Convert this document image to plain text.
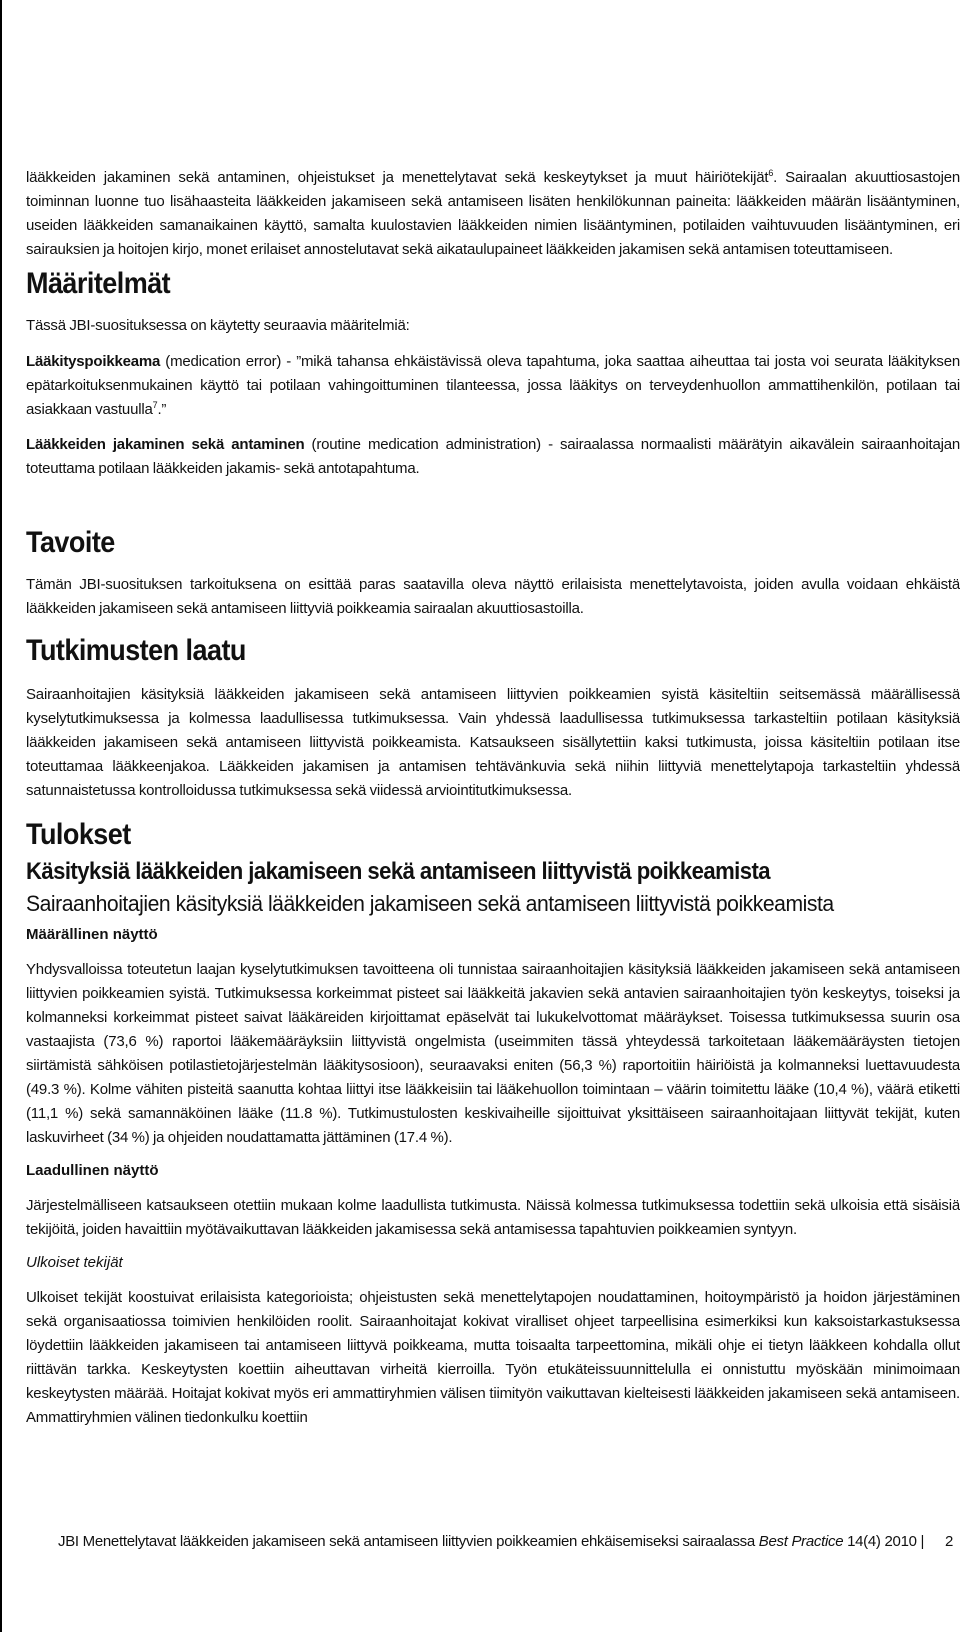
lääkkeiden jakaminen sekä antaminen, ohjeistukset ja menettelytavat sekä keskeytykset ja muut häiriötekijät$^6$. Sairaalan akuuttiosastojen toiminnan luonne tuo lisähaasteita lääkkeiden jakamiseen sekä antamiseen lisäten henkilökunnan paineita: lääkkeiden määrän lisääntyminen, useiden lääkkeiden samanaikainen käyttö, samalta kuulostavien lääkkeiden nimien lisääntyminen, potilaiden vaihtuvuuden lisääntyminen, eri sairauksien ja hoitojen kirjo, monet erilaiset annostelutavat sekä aikataulupaineet lääkkeiden jakamisen sekä antamisen toteuttamiseen.

Määritelmät

Tässä JBI-suosituksessa on käytetty seuraavia määritelmiä:

Lääkityspoikkeama (medication error) - ”mikä tahansa ehkäistävissä oleva tapahtuma, joka saattaa aiheuttaa tai josta voi seurata lääkityksen epätarkoituksenmukainen käyttö tai potilaan vahingoittuminen tilanteessa, jossa lääkitys on terveydenhuollon ammattihenkilön, potilaan tai asiakkaan vastuulla$^7$.”

Lääkkeiden jakaminen sekä antaminen (routine medication administration) - sairaalassa normaalisti määrätyin aikavälein sairaanhoitajan toteuttama potilaan lääkkeiden jakamis- sekä antotapahtuma.

Tavoite

Tämän JBI-suosituksen tarkoituksena on esittää paras saatavilla oleva näyttö erilaisista menettelytavoista, joiden avulla voidaan ehkäistä lääkkeiden jakamiseen sekä antamiseen liittyviä poikkeamia sairaalan akuuttiosastoilla.

Tutkimusten laatu

Sairaanhoitajien käsityksiä lääkkeiden jakamiseen sekä antamiseen liittyvien poikkeamien syistä käsiteltiin seitsemässä määrällisessä kyselytutkimuksessa ja kolmessa laadullisessa tutkimuksessa. Vain yhdessä laadullisessa tutkimuksessa tarkasteltiin potilaan käsityksiä lääkkeiden jakamiseen sekä antamiseen liittyvistä poikkeamista. Katsaukseen sisällytettiin kaksi tutkimusta, joissa käsiteltiin potilaan itse toteuttamaa lääkkeenjakoa. Lääkkeiden jakamisen ja antamisen tehtävänkuvia sekä niihin liittyviä menettelytapoja tarkasteltiin yhdessä satunnaistetussa kontrolloidussa tutkimuksessa sekä viidessä arviointitutkimuksessa.

Tulokset
Käsityksiä lääkkeiden jakamiseen sekä antamiseen liittyvistä poikkeamista
Sairaanhoitajien käsityksiä lääkkeiden jakamiseen sekä antamiseen liittyvistä poikkeamista
Määrällinen näyttö

Yhdysvalloissa toteutetun laajan kyselytutkimuksen tavoitteena oli tunnistaa sairaanhoitajien käsityksiä lääkkeiden jakamiseen sekä antamiseen liittyvien poikkeamien syistä. Tutkimuksessa korkeimmat pisteet sai lääkkeitä jakavien sekä antavien sairaanhoitajien työn keskeytys, toiseksi ja kolmanneksi korkeimmat pisteet saivat lääkäreiden kirjoittamat epäselvät tai lukukelvottomat määräykset. Toisessa tutkimuksessa suurin osa vastaajista (73,6 %) raportoi lääkemääräyksiin liittyvistä ongelmista (useimmiten tässä yhteydessä tarkoitetaan lääkemääräysten tietojen siirtämistä sähköisen potilastietojärjestelmän lääkitysosioon), seuraavaksi eniten (56,3 %) raportoitiin häiriöistä ja kolmanneksi luettavuudesta (49.3 %). Kolme vähiten pisteitä saanutta kohtaa liittyi itse lääkkeisiin tai lääkehuollon toimintaan – väärin toimitettu lääke (10,4 %), väärä etiketti (11,1 %) sekä samannäköinen lääke (11.8 %). Tutkimustulosten keskivaiheille sijoittuivat yksittäiseen sairaanhoitajaan liittyvät tekijät, kuten laskuvirheet (34 %) ja ohjeiden noudattamatta jättäminen (17.4 %).

Laadullinen näyttö

Järjestelmälliseen katsaukseen otettiin mukaan kolme laadullista tutkimusta. Näissä kolmessa tutkimuksessa todettiin sekä ulkoisia että sisäisiä tekijöitä, joiden havaittiin myötävaikuttavan lääkkeiden jakamisessa sekä antamisessa tapahtuvien poikkeamien syntyyn.

Ulkoiset tekijät

Ulkoiset tekijät koostuivat erilaisista kategorioista; ohjeistusten sekä menettelytapojen noudattaminen, hoitoympäristö ja hoidon järjestäminen sekä organisaatiossa toimivien henkilöiden roolit. Sairaanhoitajat kokivat viralliset ohjeet tarpeellisina esimerkiksi kun kaksoistarkastuksessa löydettiin lääkkeiden jakamiseen tai antamiseen liittyvä poikkeama, mutta toisaalta tarpeettomina, mikäli ohje ei tietyn lääkkeen kohdalla ollut riittävän tarkka. Keskeytysten koettiin aiheuttavan virheitä kierroilla. Työn etukäteissuunnittelulla ei onnistuttu myöskään minimoimaan keskeytysten määrää. Hoitajat kokivat myös eri ammattiryhmien välisen tiimityön vaikuttavan kielteisesti lääkkeiden jakamiseen sekä antamiseen. Ammattiryhmien välinen tiedonkulku koettiin

JBI Menettelytavat lääkkeiden jakamiseen sekä antamiseen liittyvien poikkeamien ehkäisemiseksi sairaalassa Best Practice 14(4) 2010 | 2
